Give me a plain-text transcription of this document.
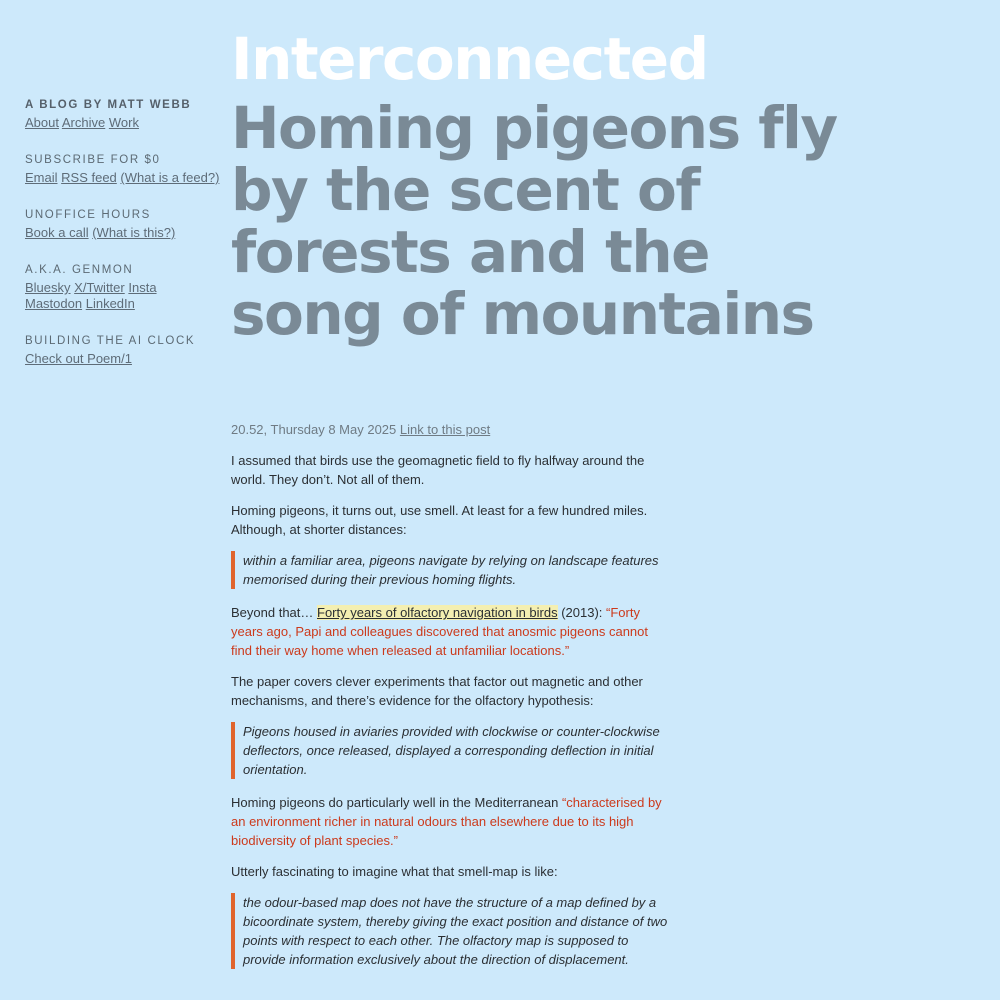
Interconnected
A BLOG BY MATT WEBB
About Archive Work
SUBSCRIBE FOR $0
Email RSS feed (What is a feed?)
UNOFFICE HOURS
Book a call (What is this?)
A.K.A. GENMON
Bluesky X/Twitter Insta
Mastodon LinkedIn
BUILDING THE AI CLOCK
Check out Poem/1
Homing pigeons fly by the scent of forests and the song of mountains

20.52, Thursday 8 May 2025 Link to this post

I assumed that birds use the geomagnetic field to fly halfway around the world. They don’t. Not all of them.

Homing pigeons, it turns out, use smell. At least for a few hundred miles. Although, at shorter distances:

within a familiar area, pigeons navigate by relying on landscape features memorised during their previous homing flights.

Beyond that… Forty years of olfactory navigation in birds (2013): “Forty years ago, Papi and colleagues discovered that anosmic pigeons cannot find their way home when released at unfamiliar locations.”

The paper covers clever experiments that factor out magnetic and other mechanisms, and there’s evidence for the olfactory hypothesis:

Pigeons housed in aviaries provided with clockwise or counter-clockwise deflectors, once released, displayed a corresponding deflection in initial orientation.

Homing pigeons do particularly well in the Mediterranean “characterised by an environment richer in natural odours than elsewhere due to its high biodiversity of plant species.”

Utterly fascinating to imagine what that smell-map is like:

the odour-based map does not have the structure of a map defined by a bicoordinate system, thereby giving the exact position and distance of two points with respect to each other. The olfactory map is supposed to provide information exclusively about the direction of displacement.
